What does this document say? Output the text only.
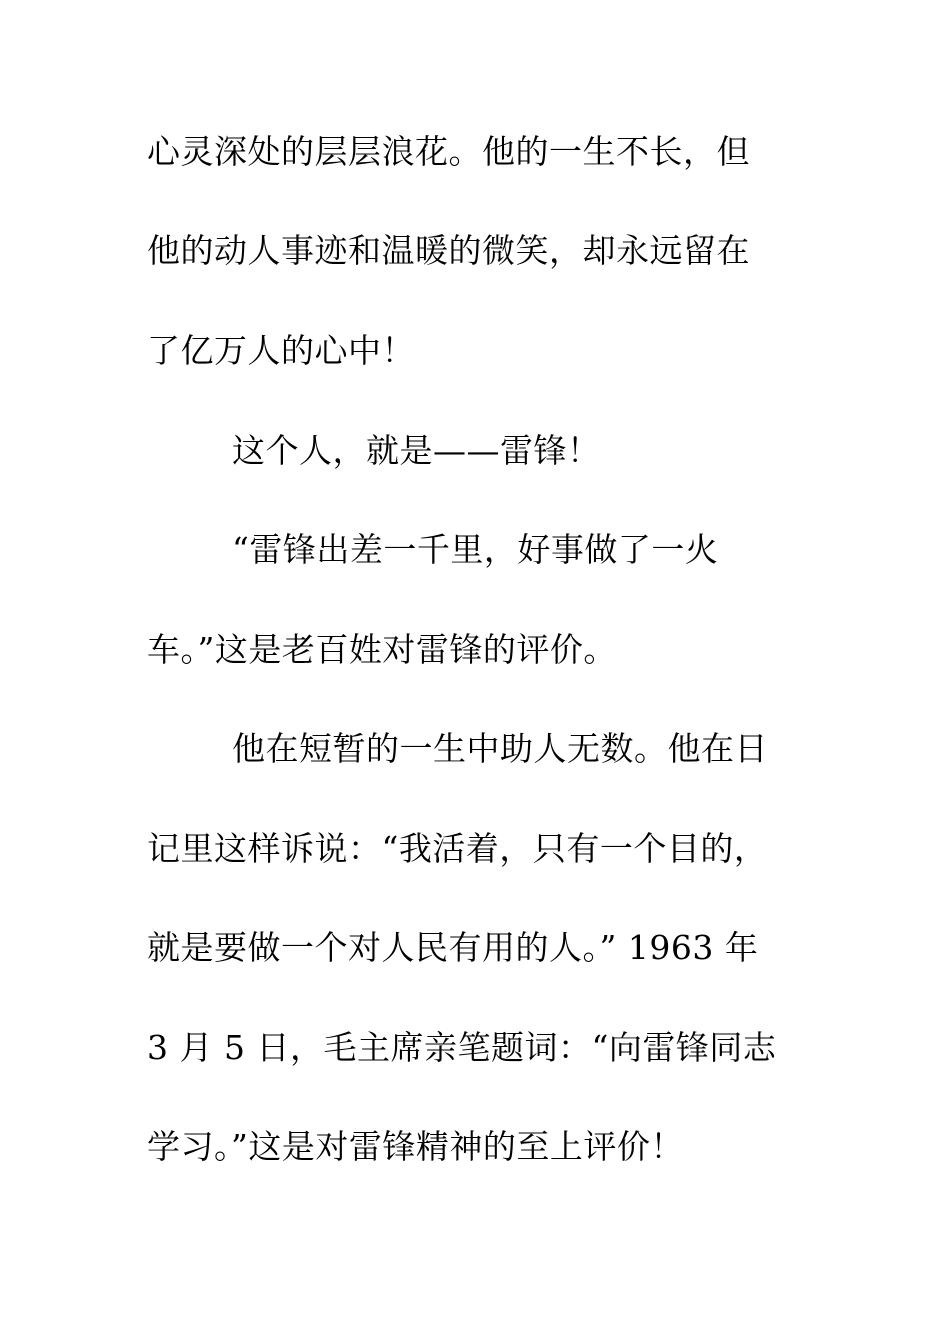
心灵深处的层层浪花。他的一生不长，但
他的动人事迹和温暖的微笑，却永远留在
了亿万人的心中！
这个人，就是——雷锋！
“雷锋出差一千里，好事做了一火
车。”这是老百姓对雷锋的评价。
他在短暂的一生中助人无数。他在日
记里这样诉说：“我活着，只有一个目的，
就是要做一个对人民有用的人。” 1963 年
3 月 5 日，毛主席亲笔题词：“向雷锋同志
学习。”这是对雷锋精神的至上评价！
